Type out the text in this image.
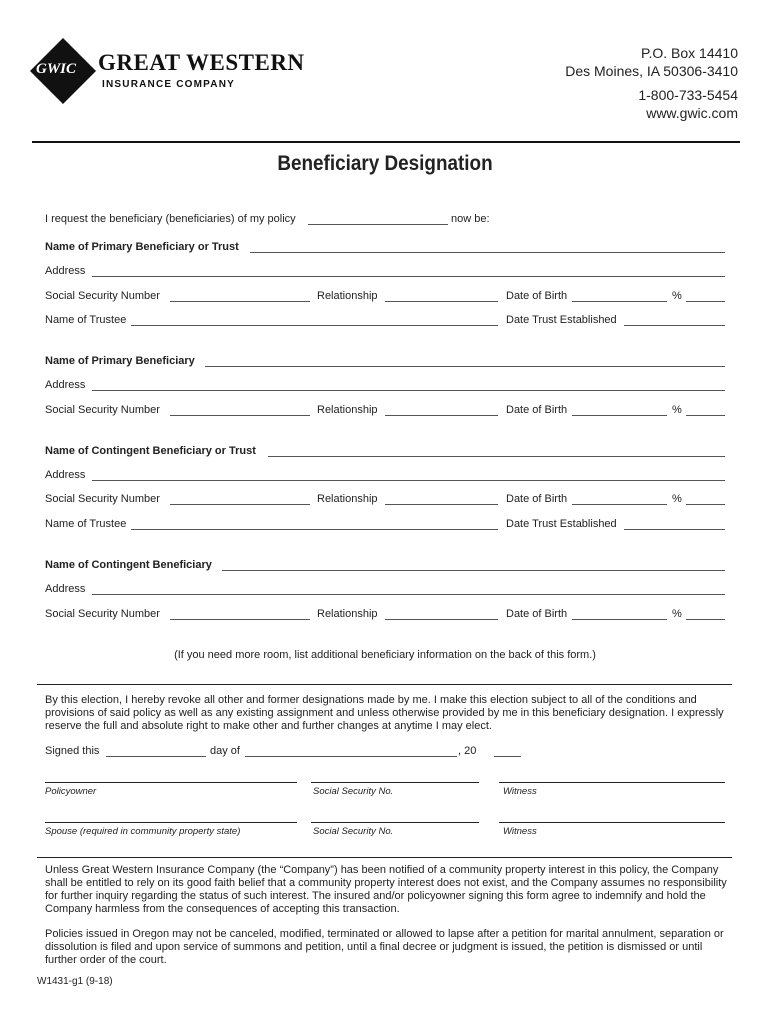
GWIC GREAT WESTERN
INSURANCE COMPANY
P.O. Box 14410
Des Moines, IA 50306-3410
1-800-733-5454
www.gwic.com
Beneficiary Designation
I request the beneficiary (beneficiaries) of my policy	now be:
Name of Primary Beneficiary or Trust
Address
Social Security Number	Relationship	Date of Birth	%
Name of Trustee	Date Trust Established
Name of Primary Beneficiary
Address
Social Security Number	Relationship	Date of Birth	%
Name of Contingent Beneficiary or Trust
Address
Social Security Number	Relationship	Date of Birth	%
Name of Trustee	Date Trust Established
Name of Contingent Beneficiary
Address
Social Security Number	Relationship	Date of Birth	%
(If you need more room, list additional beneficiary information on the back of this form.)
By this election, I hereby revoke all other and former designations made by me. I make this election subject to all of the conditions and provisions of said policy as well as any existing assignment and unless otherwise provided by me in this beneficiary designation. I expressly reserve the full and absolute right to make other and further changes at anytime I may elect.
Signed this	day of	, 20
Policyowner	Social Security No.	Witness
Spouse (required in community property state)	Social Security No.	Witness
Unless Great Western Insurance Company (the “Company”) has been notified of a community property interest in this policy, the Company shall be entitled to rely on its good faith belief that a community property interest does not exist, and the Company assumes no responsibility for further inquiry regarding the status of such interest. The insured and/or policyowner signing this form agree to indemnify and hold the Company harmless from the consequences of accepting this transaction.
Policies issued in Oregon may not be canceled, modified, terminated or allowed to lapse after a petition for marital annulment, separation or dissolution is filed and upon service of summons and petition, until a final decree or judgment is issued, the petition is dismissed or until further order of the court.
W1431-g1 (9-18)
